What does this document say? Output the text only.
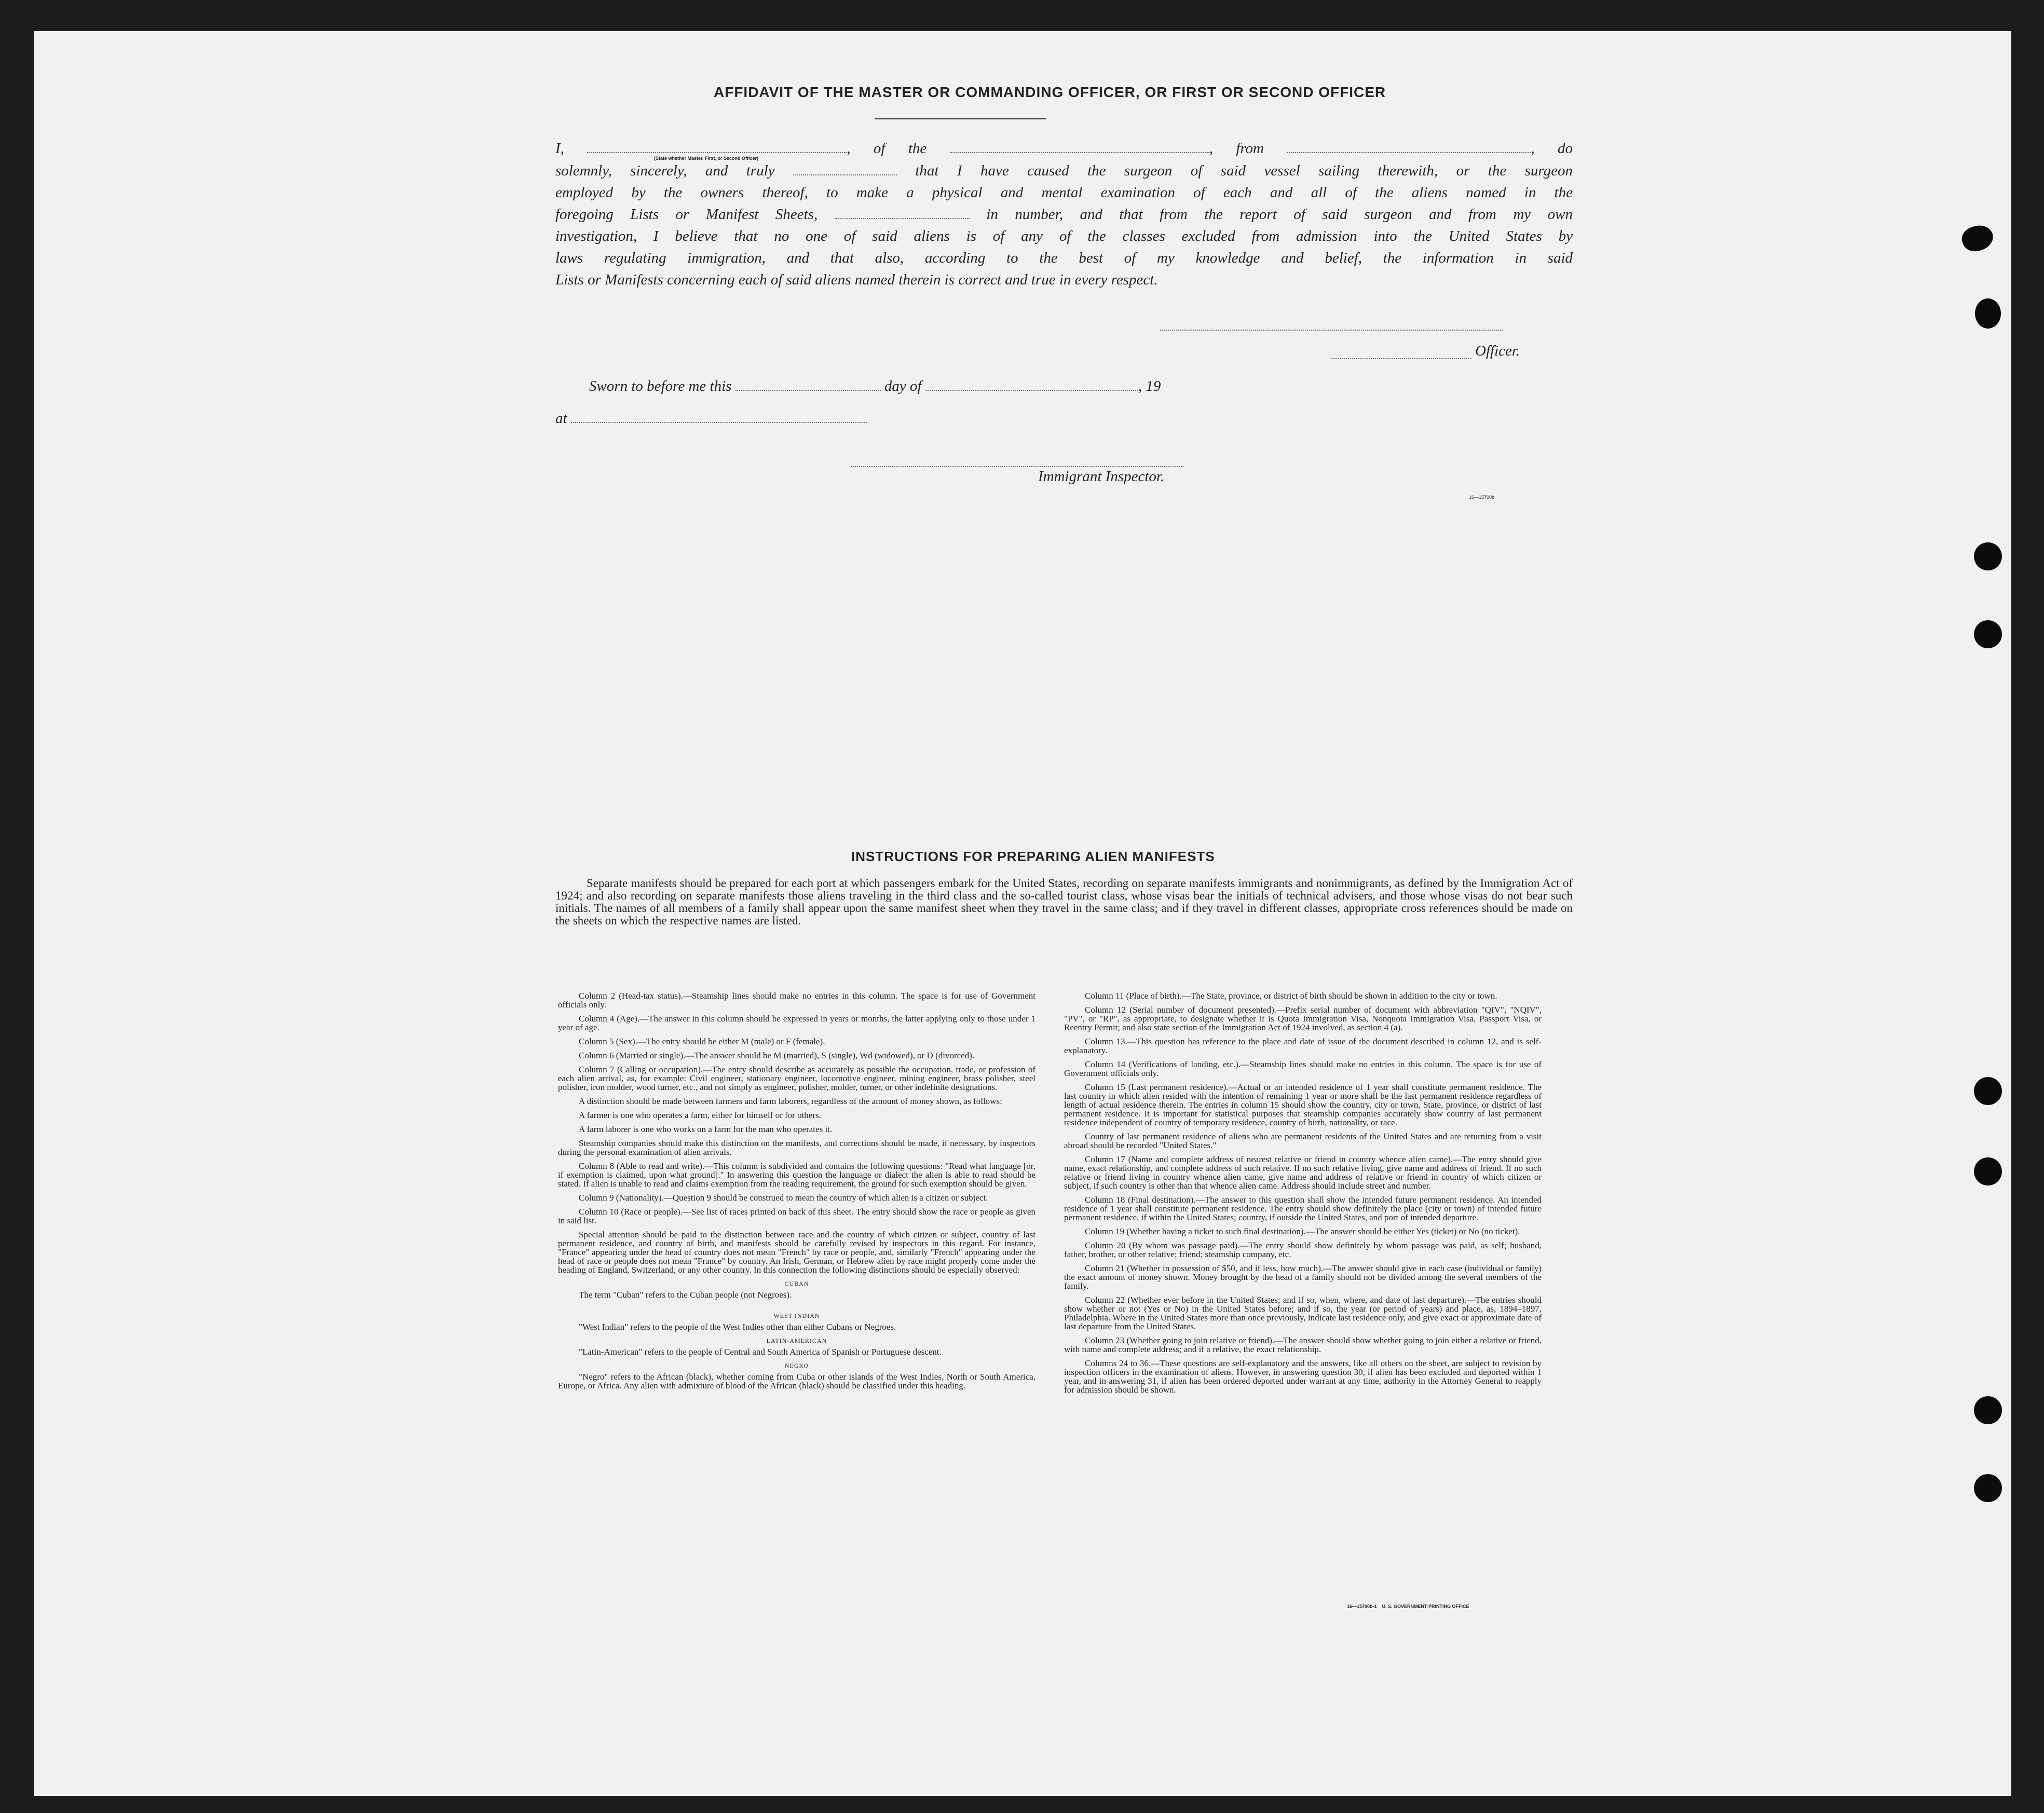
AFFIDAVIT OF THE MASTER OR COMMANDING OFFICER, OR FIRST OR SECOND OFFICER
I,	, of the	, from	, do
(State whether Master, First, or Second Officer)
solemnly, sincerely, and truly	that I have caused the surgeon of said vessel sailing therewith, or the surgeon
employed by the owners thereof, to make a physical and mental examination of each and all of the aliens named in the
foregoing Lists or Manifest Sheets,	in number, and that from the report of said surgeon and from my own
investigation, I believe that no one of said aliens is of any of the classes excluded from admission into the United States by
laws regulating immigration, and that also, according to the best of my knowledge and belief, the information in said
Lists or Manifests concerning each of said aliens named therein is correct and true in every respect.
Officer.
Sworn to before me this	day of	, 19
at
Immigrant Inspector.
16—15700b
INSTRUCTIONS FOR PREPARING ALIEN MANIFESTS
Separate manifests should be prepared for each port at which passengers embark for the United States, recording on separate manifests immigrants and nonimmigrants, as defined by the Immigration Act of 1924; and also recording on separate manifests those aliens traveling in the third class and the so-called tourist class, whose visas bear the initials of technical advisers, and those whose visas do not bear such initials. The names of all members of a family shall appear upon the same manifest sheet when they travel in the same class; and if they travel in different classes, appropriate cross references should be made on the sheets on which the respective names are listed.

Column 2 (Head-tax status).—Steamship lines should make no entries in this column. The space is for use of Government officials only.

Column 4 (Age).—The answer in this column should be expressed in years or months, the latter applying only to those under 1 year of age.

Column 5 (Sex).—The entry should be either M (male) or F (female).

Column 6 (Married or single).—The answer should be M (married), S (single), Wd (widowed), or D (divorced).

Column 7 (Calling or occupation).—The entry should describe as accurately as possible the occupation, trade, or profession of each alien arrival, as, for example: Civil engineer, stationary engineer, locomotive engineer, mining engineer, brass polisher, steel polisher, iron molder, wood turner, etc., and not simply as engineer, polisher, molder, turner, or other indefinite designations.

A distinction should be made between farmers and farm laborers, regardless of the amount of money shown, as follows:

A farmer is one who operates a farm, either for himself or for others.

A farm laborer is one who works on a farm for the man who operates it.

Steamship companies should make this distinction on the manifests, and corrections should be made, if necessary, by inspectors during the personal examination of alien arrivals.

Column 8 (Able to read and write).—This column is subdivided and contains the following questions: "Read what language [or, if exemption is claimed, upon what ground]." In answering this question the language or dialect the alien is able to read should be stated. If alien is unable to read and claims exemption from the reading requirement, the ground for such exemption should be given.

Column 9 (Nationality).—Question 9 should be construed to mean the country of which alien is a citizen or subject.

Column 10 (Race or people).—See list of races printed on back of this sheet. The entry should show the race or people as given in said list.

Special attention should be paid to the distinction between race and the country of which citizen or subject, country of last permanent residence, and country of birth, and manifests should be carefully revised by inspectors in this regard. For instance, "France" appearing under the head of country does not mean "French" by race or people, and, similarly "French" appearing under the head of race or people does not mean "France" by country. An Irish, German, or Hebrew alien by race might properly come under the heading of England, Switzerland, or any other country. In this connection the following distinctions should be especially observed:

CUBAN

The term "Cuban" refers to the Cuban people (not Negroes).

WEST INDIAN

"West Indian" refers to the people of the West Indies other than either Cubans or Negroes.

LATIN-AMERICAN

"Latin-American" refers to the people of Central and South America of Spanish or Portuguese descent.

NEGRO

"Negro" refers to the African (black), whether coming from Cuba or other islands of the West Indies, North or South America, Europe, or Africa. Any alien with admixture of blood of the African (black) should be classified under this heading.

Column 11 (Place of birth).—The State, province, or district of birth should be shown in addition to the city or town.

Column 12 (Serial number of document presented).—Prefix serial number of document with abbreviation "QIV", "NQIV", "PV", or "RP", as appropriate, to designate whether it is Quota Immigration Visa, Nonquota Immigration Visa, Passport Visa, or Reentry Permit; and also state section of the Immigration Act of 1924 involved, as section 4 (a).

Column 13.—This question has reference to the place and date of issue of the document described in column 12, and is self-explanatory.

Column 14 (Verifications of landing, etc.).—Steamship lines should make no entries in this column. The space is for use of Government officials only.

Column 15 (Last permanent residence).—Actual or an intended residence of 1 year shall constitute permanent residence. The last country in which alien resided with the intention of remaining 1 year or more shall be the last permanent residence regardless of length of actual residence therein. The entries in column 15 should show the country, city or town, State, province, or district of last permanent residence. It is important for statistical purposes that steamship companies accurately show country of last permanent residence independent of country of temporary residence, country of birth, nationality, or race.

Country of last permanent residence of aliens who are permanent residents of the United States and are returning from a visit abroad should be recorded "United States."

Column 17 (Name and complete address of nearest relative or friend in country whence alien came).—The entry should give name, exact relationship, and complete address of such relative. If no such relative living, give name and address of friend. If no such relative or friend living in country whence alien came, give name and address of relative or friend in country of which citizen or subject, if such country is other than that whence alien came. Address should include street and number.

Column 18 (Final destination).—The answer to this question shall show the intended future permanent residence. An intended residence of 1 year shall constitute permanent residence. The entry should show definitely the place (city or town) of intended future permanent residence, if within the United States; country, if outside the United States, and port of intended departure.

Column 19 (Whether having a ticket to such final destination).—The answer should be either Yes (ticket) or No (no ticket).

Column 20 (By whom was passage paid).—The entry should show definitely by whom passage was paid, as self; husband, father, brother, or other relative; friend; steamship company, etc.

Column 21 (Whether in possession of $50, and if less, how much).—The answer should give in each case (individual or family) the exact amount of money shown. Money brought by the head of a family should not be divided among the several members of the family.

Column 22 (Whether ever before in the United States; and if so, when, where, and date of last departure).—The entries should show whether or not (Yes or No) in the United States before; and if so, the year (or period of years) and place, as, 1894–1897, Philadelphia. Where in the United States more than once previously, indicate last residence only, and give exact or approximate date of last departure from the United States.

Column 23 (Whether going to join relative or friend).—The answer should show whether going to join either a relative or friend, with name and complete address; and if a relative, the exact relationship.

Columns 24 to 36.—These questions are self-explanatory and the answers, like all others on the sheet, are subject to revision by inspection officers in the examination of aliens. However, in answering question 30, if alien has been excluded and deported within 1 year, and in answering 31, if alien has been ordered deported under warrant at any time, authority in the Attorney General to reapply for admission should be shown.

16—15700b-1    U. S. GOVERNMENT PRINTING OFFICE
